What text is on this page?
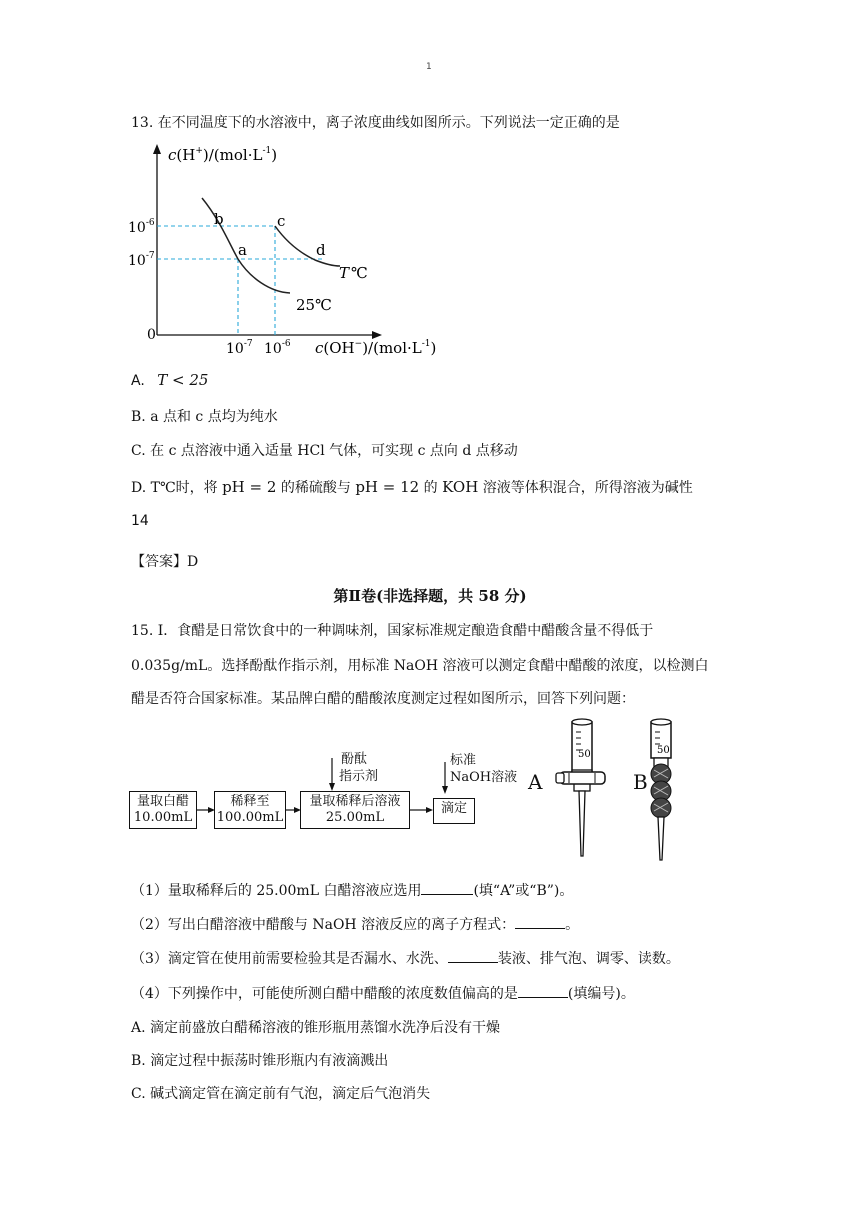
1
13. 在不同温度下的水溶液中，离子浓度曲线如图所示。下列说法一定正确的是
$c(H^+)/(mol\cdot L^{-1})$
$c(OH^-)/(mol\cdot L^{-1})$
0
$10^{-6}$
$10^{-7}$
$10^{-7}$ $10^{-6}$
b
a
c
d
T ℃
25℃
A. T < 25
B. a 点和 c 点均为纯水
C. 在 c 点溶液中通入适量 HCl 气体，可实现 c 点向 d 点移动
D. T℃时，将 pH = 2 的稀硫酸与 pH = 12 的 KOH 溶液等体积混合，所得溶液为碱性
14
【答案】D
第Ⅱ卷(非选择题，共 58 分)
15. Ⅰ．食醋是日常饮食中的一种调味剂，国家标准规定酿造食醋中醋酸含量不得低于
0.035g/mL。选择酚酞作指示剂，用标准 NaOH 溶液可以测定食醋中醋酸的浓度，以检测白
醋是否符合国家标准。某品牌白醋的醋酸浓度测定过程如图所示，回答下列问题：
量取白醋
10.00mL
稀释至
100.00mL
量取稀释后溶液
25.00mL
滴定
酚酞
指示剂
标准
NaOH溶液 A	B
50	50
（1）量取稀释后的 25.00mL 白醋溶液应选用	(填“A”或“B”)。
（2）写出白醋溶液中醋酸与 NaOH 溶液反应的离子方程式：	。
（3）滴定管在使用前需要检验其是否漏水、水洗、	装液、排气泡、调零、读数。
（4）下列操作中，可能使所测白醋中醋酸的浓度数值偏高的是	(填编号)。
A. 滴定前盛放白醋稀溶液的锥形瓶用蒸馏水洗净后没有干燥
B. 滴定过程中振荡时锥形瓶内有液滴溅出
C. 碱式滴定管在滴定前有气泡，滴定后气泡消失
